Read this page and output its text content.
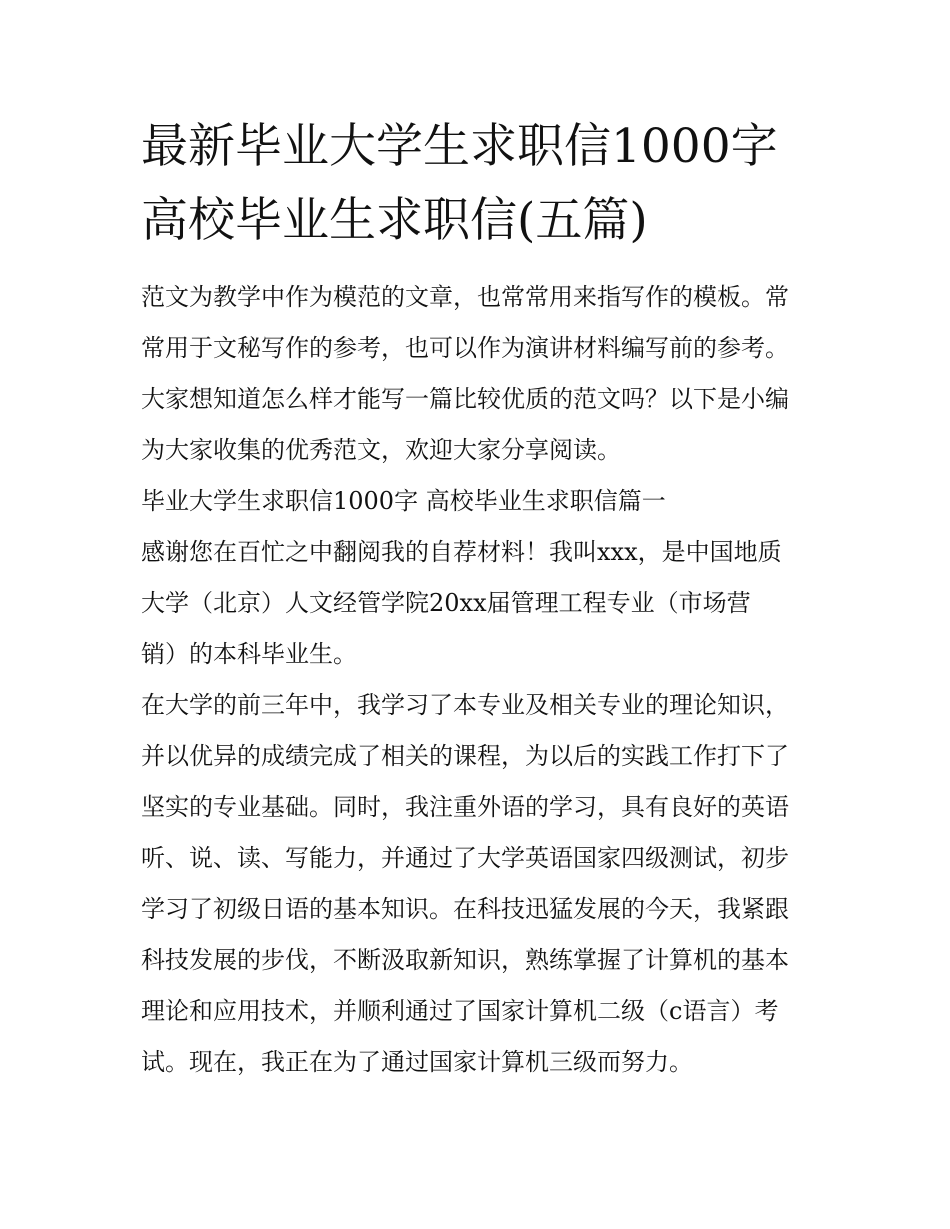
最新毕业大学生求职信1000字
高校毕业生求职信(五篇)

范文为教学中作为模范的文章，也常常用来指写作的模板。常
常用于文秘写作的参考，也可以作为演讲材料编写前的参考。
大家想知道怎么样才能写一篇比较优质的范文吗？以下是小编
为大家收集的优秀范文，欢迎大家分享阅读。

毕业大学生求职信1000字 高校毕业生求职信篇一

感谢您在百忙之中翻阅我的自荐材料！我叫xxx，是中国地质
大学（北京）人文经管学院20xx届管理工程专业（市场营
销）的本科毕业生。

在大学的前三年中，我学习了本专业及相关专业的理论知识，
并以优异的成绩完成了相关的课程，为以后的实践工作打下了
坚实的专业基础。同时，我注重外语的学习，具有良好的英语
听、说、读、写能力，并通过了大学英语国家四级测试，初步
学习了初级日语的基本知识。在科技迅猛发展的今天，我紧跟
科技发展的步伐，不断汲取新知识，熟练掌握了计算机的基本
理论和应用技术，并顺利通过了国家计算机二级（c语言）考
试。现在，我正在为了通过国家计算机三级而努力。
